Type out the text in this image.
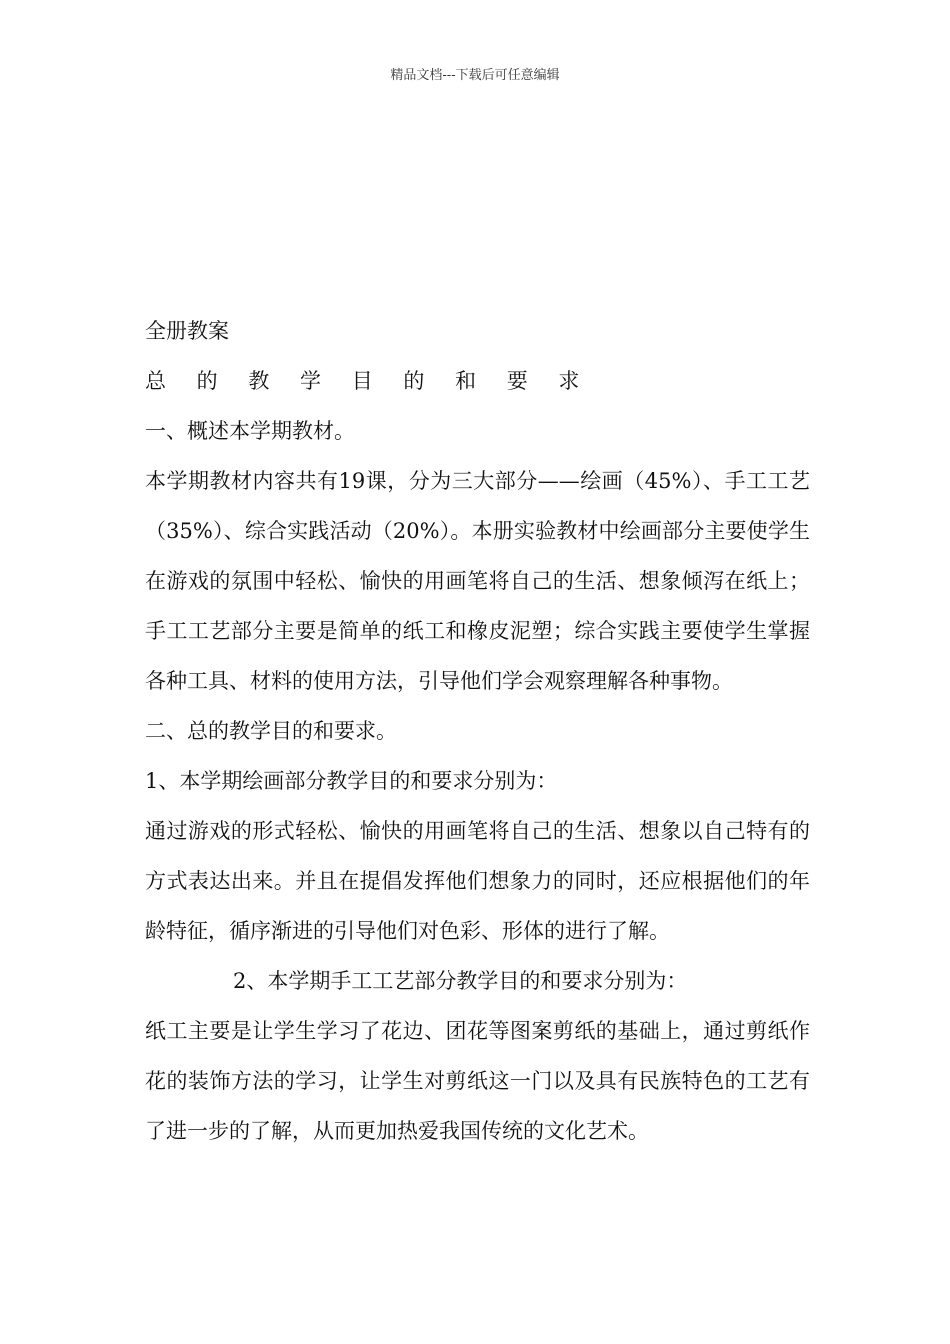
精品文档---下载后可任意编辑

全册教案

总 的 教 学 目 的 和 要 求

一、概述本学期教材。

本学期教材内容共有19课，分为三大部分——绘画（45%）、手工工艺（35%）、综合实践活动（20%）。本册实验教材中绘画部分主要使学生在游戏的氛围中轻松、愉快的用画笔将自己的生活、想象倾泻在纸上；手工工艺部分主要是简单的纸工和橡皮泥塑；综合实践主要使学生掌握各种工具、材料的使用方法，引导他们学会观察理解各种事物。

二、总的教学目的和要求。

1、本学期绘画部分教学目的和要求分别为：

通过游戏的形式轻松、愉快的用画笔将自己的生活、想象以自己特有的方式表达出来。并且在提倡发挥他们想象力的同时，还应根据他们的年龄特征，循序渐进的引导他们对色彩、形体的进行了解。

2、本学期手工工艺部分教学目的和要求分别为：

纸工主要是让学生学习了花边、团花等图案剪纸的基础上，通过剪纸作花的装饰方法的学习，让学生对剪纸这一门以及具有民族特色的工艺有了进一步的了解，从而更加热爱我国传统的文化艺术。
